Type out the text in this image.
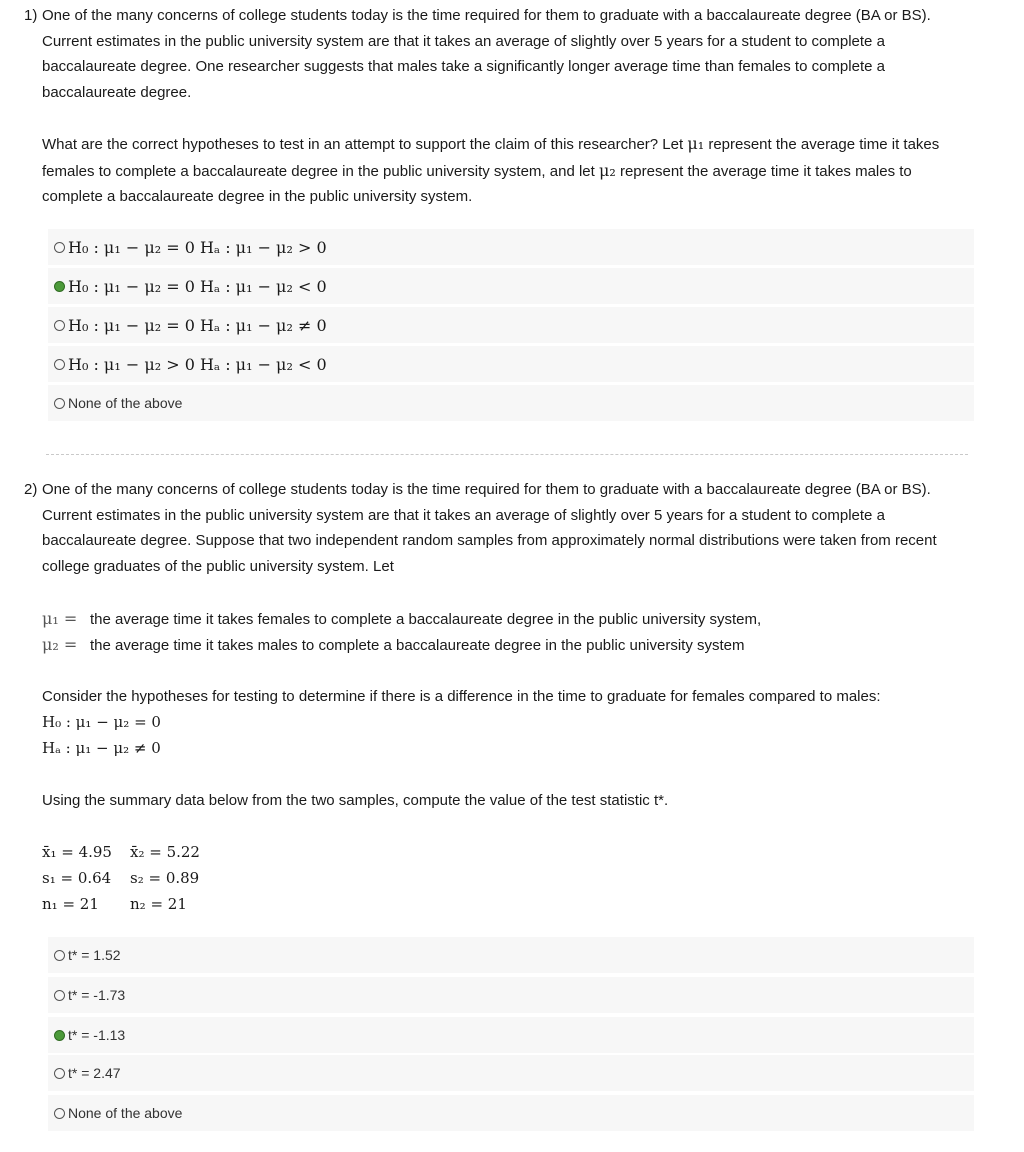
1) One of the many concerns of college students today is the time required for them to graduate with a baccalaureate degree (BA or BS). Current estimates in the public university system are that it takes an average of slightly over 5 years for a student to complete a baccalaureate degree. One researcher suggests that males take a significantly longer average time than females to complete a baccalaureate degree.

What are the correct hypotheses to test in an attempt to support the claim of this researcher? Let μ₁ represent the average time it takes females to complete a baccalaureate degree in the public university system, and let μ₂ represent the average time it takes males to complete a baccalaureate degree in the public university system.

H₀ : μ₁ − μ₂ = 0 Hₐ : μ₁ − μ₂ > 0
H₀ : μ₁ − μ₂ = 0 Hₐ : μ₁ − μ₂ < 0
H₀ : μ₁ − μ₂ = 0 Hₐ : μ₁ − μ₂ ≠ 0
H₀ : μ₁ − μ₂ > 0 Hₐ : μ₁ − μ₂ < 0
None of the above
2) One of the many concerns of college students today is the time required for them to graduate with a baccalaureate degree (BA or BS). Current estimates in the public university system are that it takes an average of slightly over 5 years for a student to complete a baccalaureate degree. Suppose that two independent random samples from approximately normal distributions were taken from recent college graduates of the public university system. Let

μ₁ = the average time it takes females to complete a baccalaureate degree in the public university system,
μ₂ = the average time it takes males to complete a baccalaureate degree in the public university system

Consider the hypotheses for testing to determine if there is a difference in the time to graduate for females compared to males:

H₀ : μ₁ − μ₂ = 0
Hₐ : μ₁ − μ₂ ≠ 0

Using the summary data below from the two samples, compute the value of the test statistic t*.

x̄₁ = 4.95 x̄₂ = 5.22
s₁ = 0.64 s₂ = 0.89
n₁ = 21 n₂ = 21
t* = 1.52
t* = -1.73
t* = -1.13
t* = 2.47
None of the above
